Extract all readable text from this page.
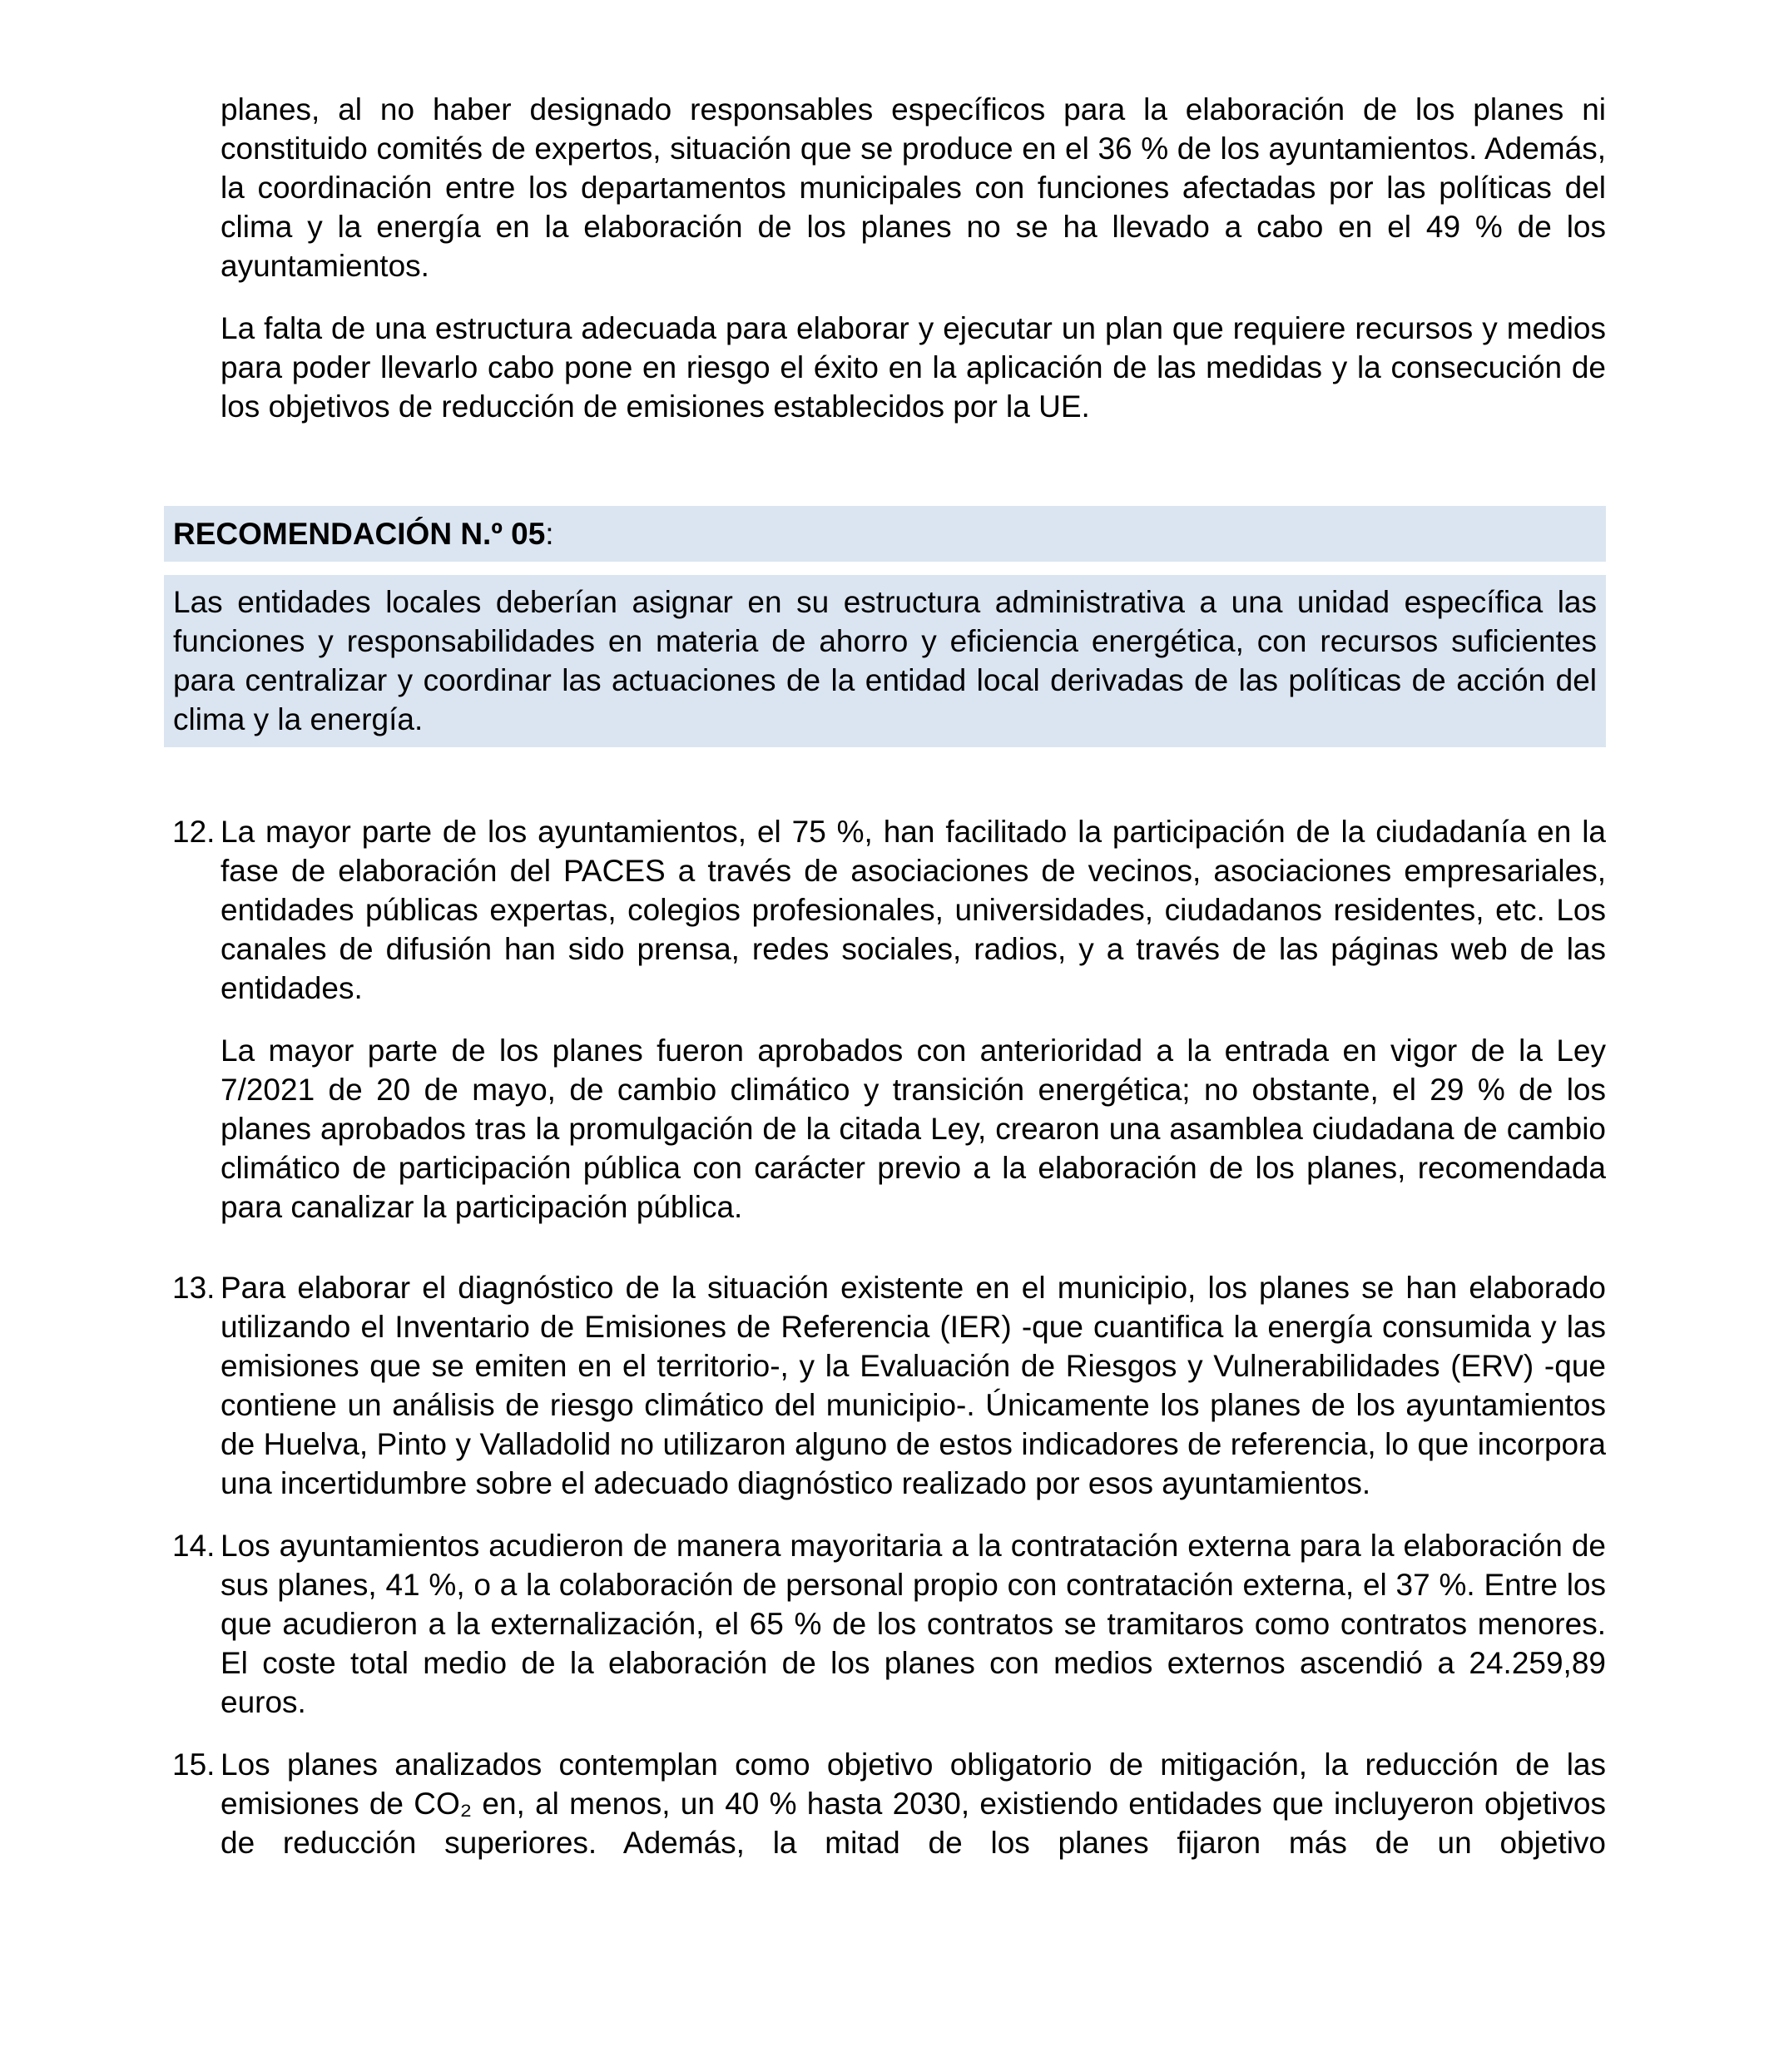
planes, al no haber designado responsables específicos para la elaboración de los planes ni constituido comités de expertos, situación que se produce en el 36 % de los ayuntamientos. Además, la coordinación entre los departamentos municipales con funciones afectadas por las políticas del clima y la energía en la elaboración de los planes no se ha llevado a cabo en el 49 % de los ayuntamientos.

La falta de una estructura adecuada para elaborar y ejecutar un plan que requiere recursos y medios para poder llevarlo cabo pone en riesgo el éxito en la aplicación de las medidas y la consecución de los objetivos de reducción de emisiones establecidos por la UE.

RECOMENDACIÓN N.º 05:
Las entidades locales deberían asignar en su estructura administrativa a una unidad específica las funciones y responsabilidades en materia de ahorro y eficiencia energética, con recursos suficientes para centralizar y coordinar las actuaciones de la entidad local derivadas de las políticas de acción del clima y la energía.
12. La mayor parte de los ayuntamientos, el 75 %, han facilitado la participación de la ciudadanía en la fase de elaboración del PACES a través de asociaciones de vecinos, asociaciones empresariales, entidades públicas expertas, colegios profesionales, universidades, ciudadanos residentes, etc. Los canales de difusión han sido prensa, redes sociales, radios, y a través de las páginas web de las entidades.

La mayor parte de los planes fueron aprobados con anterioridad a la entrada en vigor de la Ley 7/2021 de 20 de mayo, de cambio climático y transición energética; no obstante, el 29 % de los planes aprobados tras la promulgación de la citada Ley, crearon una asamblea ciudadana de cambio climático de participación pública con carácter previo a la elaboración de los planes, recomendada para canalizar la participación pública.

13. Para elaborar el diagnóstico de la situación existente en el municipio, los planes se han elaborado utilizando el Inventario de Emisiones de Referencia (IER) -que cuantifica la energía consumida y las emisiones que se emiten en el territorio-, y la Evaluación de Riesgos y Vulnerabilidades (ERV) -que contiene un análisis de riesgo climático del municipio-. Únicamente los planes de los ayuntamientos de Huelva, Pinto y Valladolid no utilizaron alguno de estos indicadores de referencia, lo que incorpora una incertidumbre sobre el adecuado diagnóstico realizado por esos ayuntamientos.

14. Los ayuntamientos acudieron de manera mayoritaria a la contratación externa para la elaboración de sus planes, 41 %, o a la colaboración de personal propio con contratación externa, el 37 %. Entre los que acudieron a la externalización, el 65 % de los contratos se tramitaros como contratos menores. El coste total medio de la elaboración de los planes con medios externos ascendió a 24.259,89 euros.

15. Los planes analizados contemplan como objetivo obligatorio de mitigación, la reducción de las emisiones de CO₂ en, al menos, un 40 % hasta 2030, existiendo entidades que incluyeron objetivos de reducción superiores. Además, la mitad de los planes fijaron más de un objetivo
